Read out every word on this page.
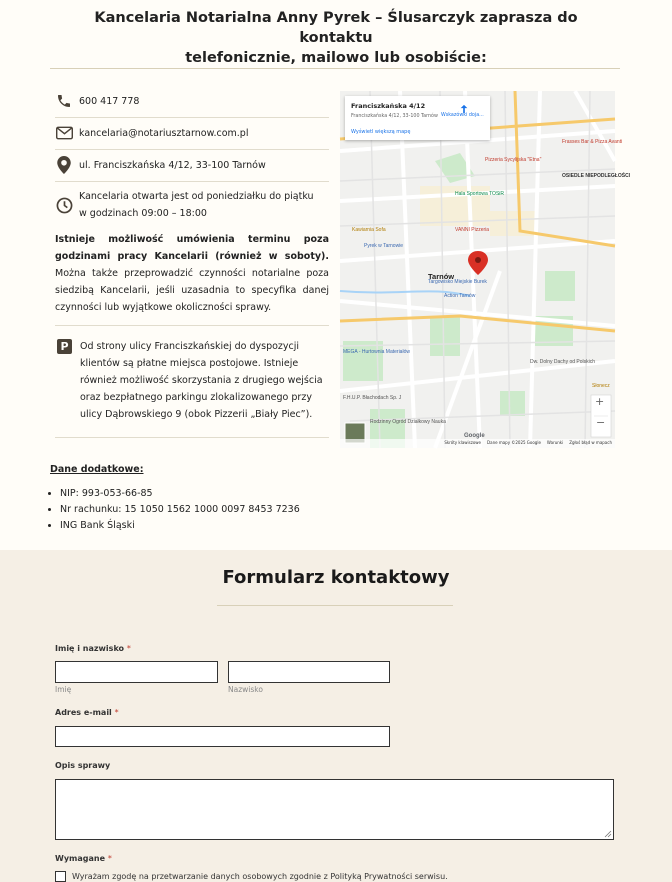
Kancelaria Notarialna Anny Pyrek – Ślusarczyk zaprasza do kontaktu
telefonicznie, mailowo lub osobiście:
600 417 778
kancelaria@notariusztarnow.com.pl
ul. Franciszkańska 4/12, 33-100 Tarnów
Kancelaria otwarta jest od poniedziałku do piątku
w godzinach 09:00 – 18:00
Istnieje możliwość umówienia terminu poza godzinami pracy Kancelarii (również w soboty). Można także przeprowadzić czynności notarialne poza siedzibą Kancelarii, jeśli uzasadnia to specyfika danej czynności lub wyjątkowe okoliczności sprawy.
P	Od strony ulicy Franciszkańskiej do dyspozycji klientów są płatne miejsca postojowe. Istnieje również możliwość skorzystania z drugiego wejścia oraz bezpłatnego parkingu zlokalizowanego przy ulicy Dąbrowskiego 9 (obok Pizzerii „Biały Piec”).
Pizzeria Sycylijska "Etna"
Hala Sportowa TOSiR
VANNI Pizzeria
Kawiarnia Sofa
Pyrek w Tarnowie
Tarnów
Targowisko Miejskie Burek
Action Tarnów
MEGA - Hurtownia Materiałów
Dw. Dolny Dachy od Polskich
OSIEDLE NIEPODLEGŁOŚCI
Frasses Bar & Pizza Avanti
F.H.U.P. Błachodach Sp. J
Rodzinny Ogród Działkowy Nauka
Słonecz
Google
Franciszkańska 4/12
Franciszkańska 4/12, 33-100 Tarnów
Wyświetl większą mapę
Wskazówki doja...
+
−
Skróty klawiszowe Dane mapy ©2025 Google Warunki Zgłoś błąd w mapach
Dane dodatkowe:
• NIP: 993-053-66-85
• Nr rachunku: 15 1050 1562 1000 0097 8453 7236
• ING Bank Śląski
Formularz kontaktowy
Imię i nazwisko *
Imię	Nazwisko
Adres e-mail *
Opis sprawy
Wymagane *
Wyrażam zgodę na przetwarzanie danych osobowych zgodnie z Polityką Prywatności serwisu.
